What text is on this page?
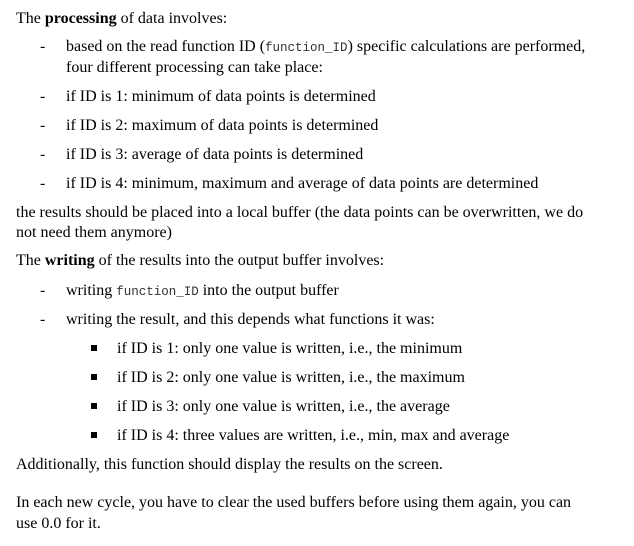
The processing of data involves:
- based on the read function ID (function_ID) specific calculations are performed,
four different processing can take place:
- if ID is 1: minimum of data points is determined
- if ID is 2: maximum of data points is determined
- if ID is 3: average of data points is determined
- if ID is 4: minimum, maximum and average of data points are determined
the results should be placed into a local buffer (the data points can be overwritten, we do
not need them anymore)
The writing of the results into the output buffer involves:
- writing function_ID into the output buffer
- writing the result, and this depends what functions it was:
if ID is 1: only one value is written, i.e., the minimum
if ID is 2: only one value is written, i.e., the maximum
if ID is 3: only one value is written, i.e., the average
if ID is 4: three values are written, i.e., min, max and average
Additionally, this function should display the results on the screen.
In each new cycle, you have to clear the used buffers before using them again, you can
use 0.0 for it.
